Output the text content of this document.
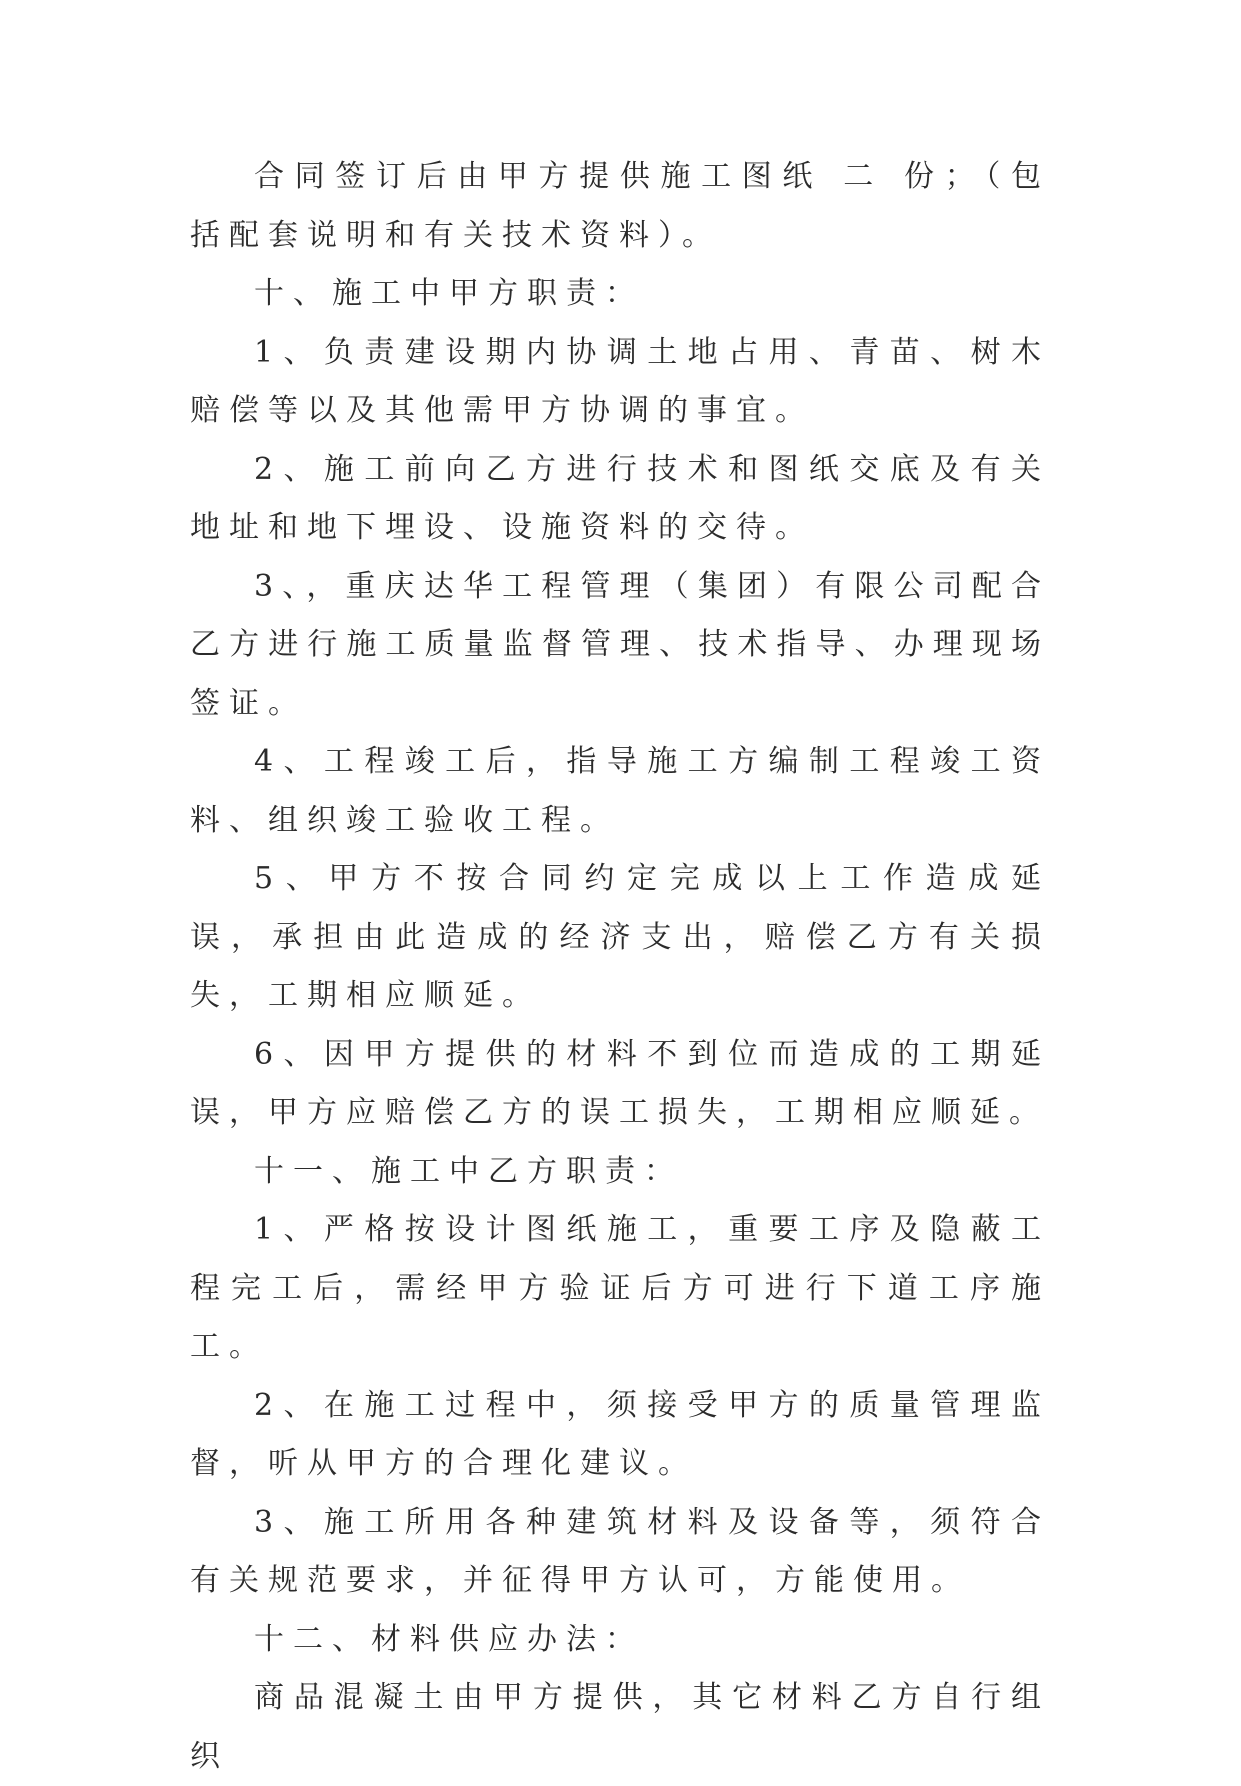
合同签订后由甲方提供施工图纸 二 份；（包括配套说明和有关技术资料）。

十、施工中甲方职责：

1、负责建设期内协调土地占用、青苗、树木赔偿等以及其他需甲方协调的事宜。

2、施工前向乙方进行技术和图纸交底及有关地址和地下埋设、设施资料的交待。

3、，重庆达华工程管理（集团）有限公司配合乙方进行施工质量监督管理、技术指导、办理现场签证。

4、工程竣工后，指导施工方编制工程竣工资料、组织竣工验收工程。

5、甲方不按合同约定完成以上工作造成延误，承担由此造成的经济支出，赔偿乙方有关损失，工期相应顺延。

6、因甲方提供的材料不到位而造成的工期延误，甲方应赔偿乙方的误工损失，工期相应顺延。

十一、施工中乙方职责：

1、严格按设计图纸施工，重要工序及隐蔽工程完工后，需经甲方验证后方可进行下道工序施工。

2、在施工过程中，须接受甲方的质量管理监督，听从甲方的合理化建议。

3、施工所用各种建筑材料及设备等，须符合有关规范要求，并征得甲方认可，方能使用。

十二、材料供应办法：

商品混凝土由甲方提供，其它材料乙方自行组织
